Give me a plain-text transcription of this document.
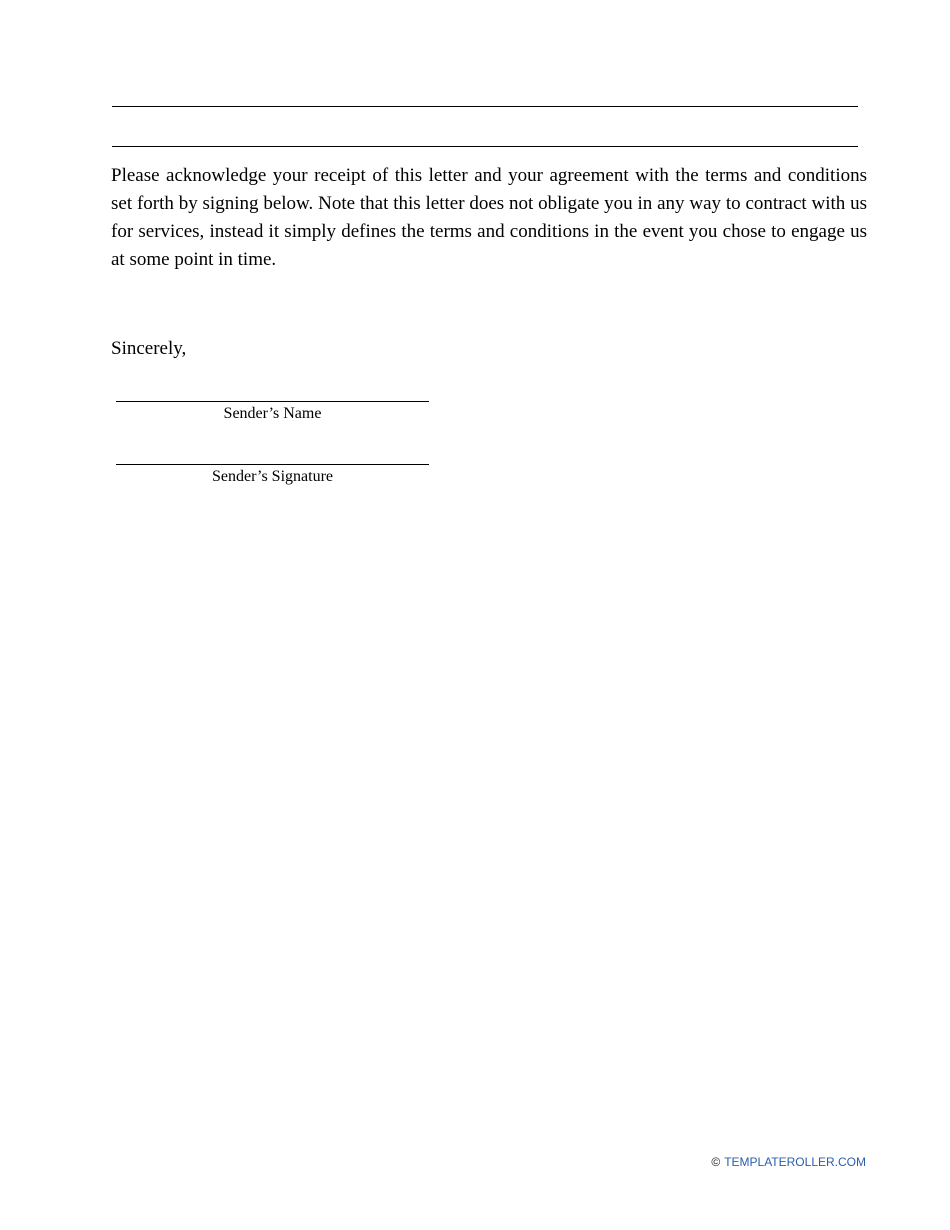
Please acknowledge your receipt of this letter and your agreement with the terms and conditions set forth by signing below. Note that this letter does not obligate you in any way to contract with us for services, instead it simply defines the terms and conditions in the event you chose to engage us at some point in time.

Sincerely,

Sender’s Name
Sender’s Signature
© TEMPLATEROLLER.COM
